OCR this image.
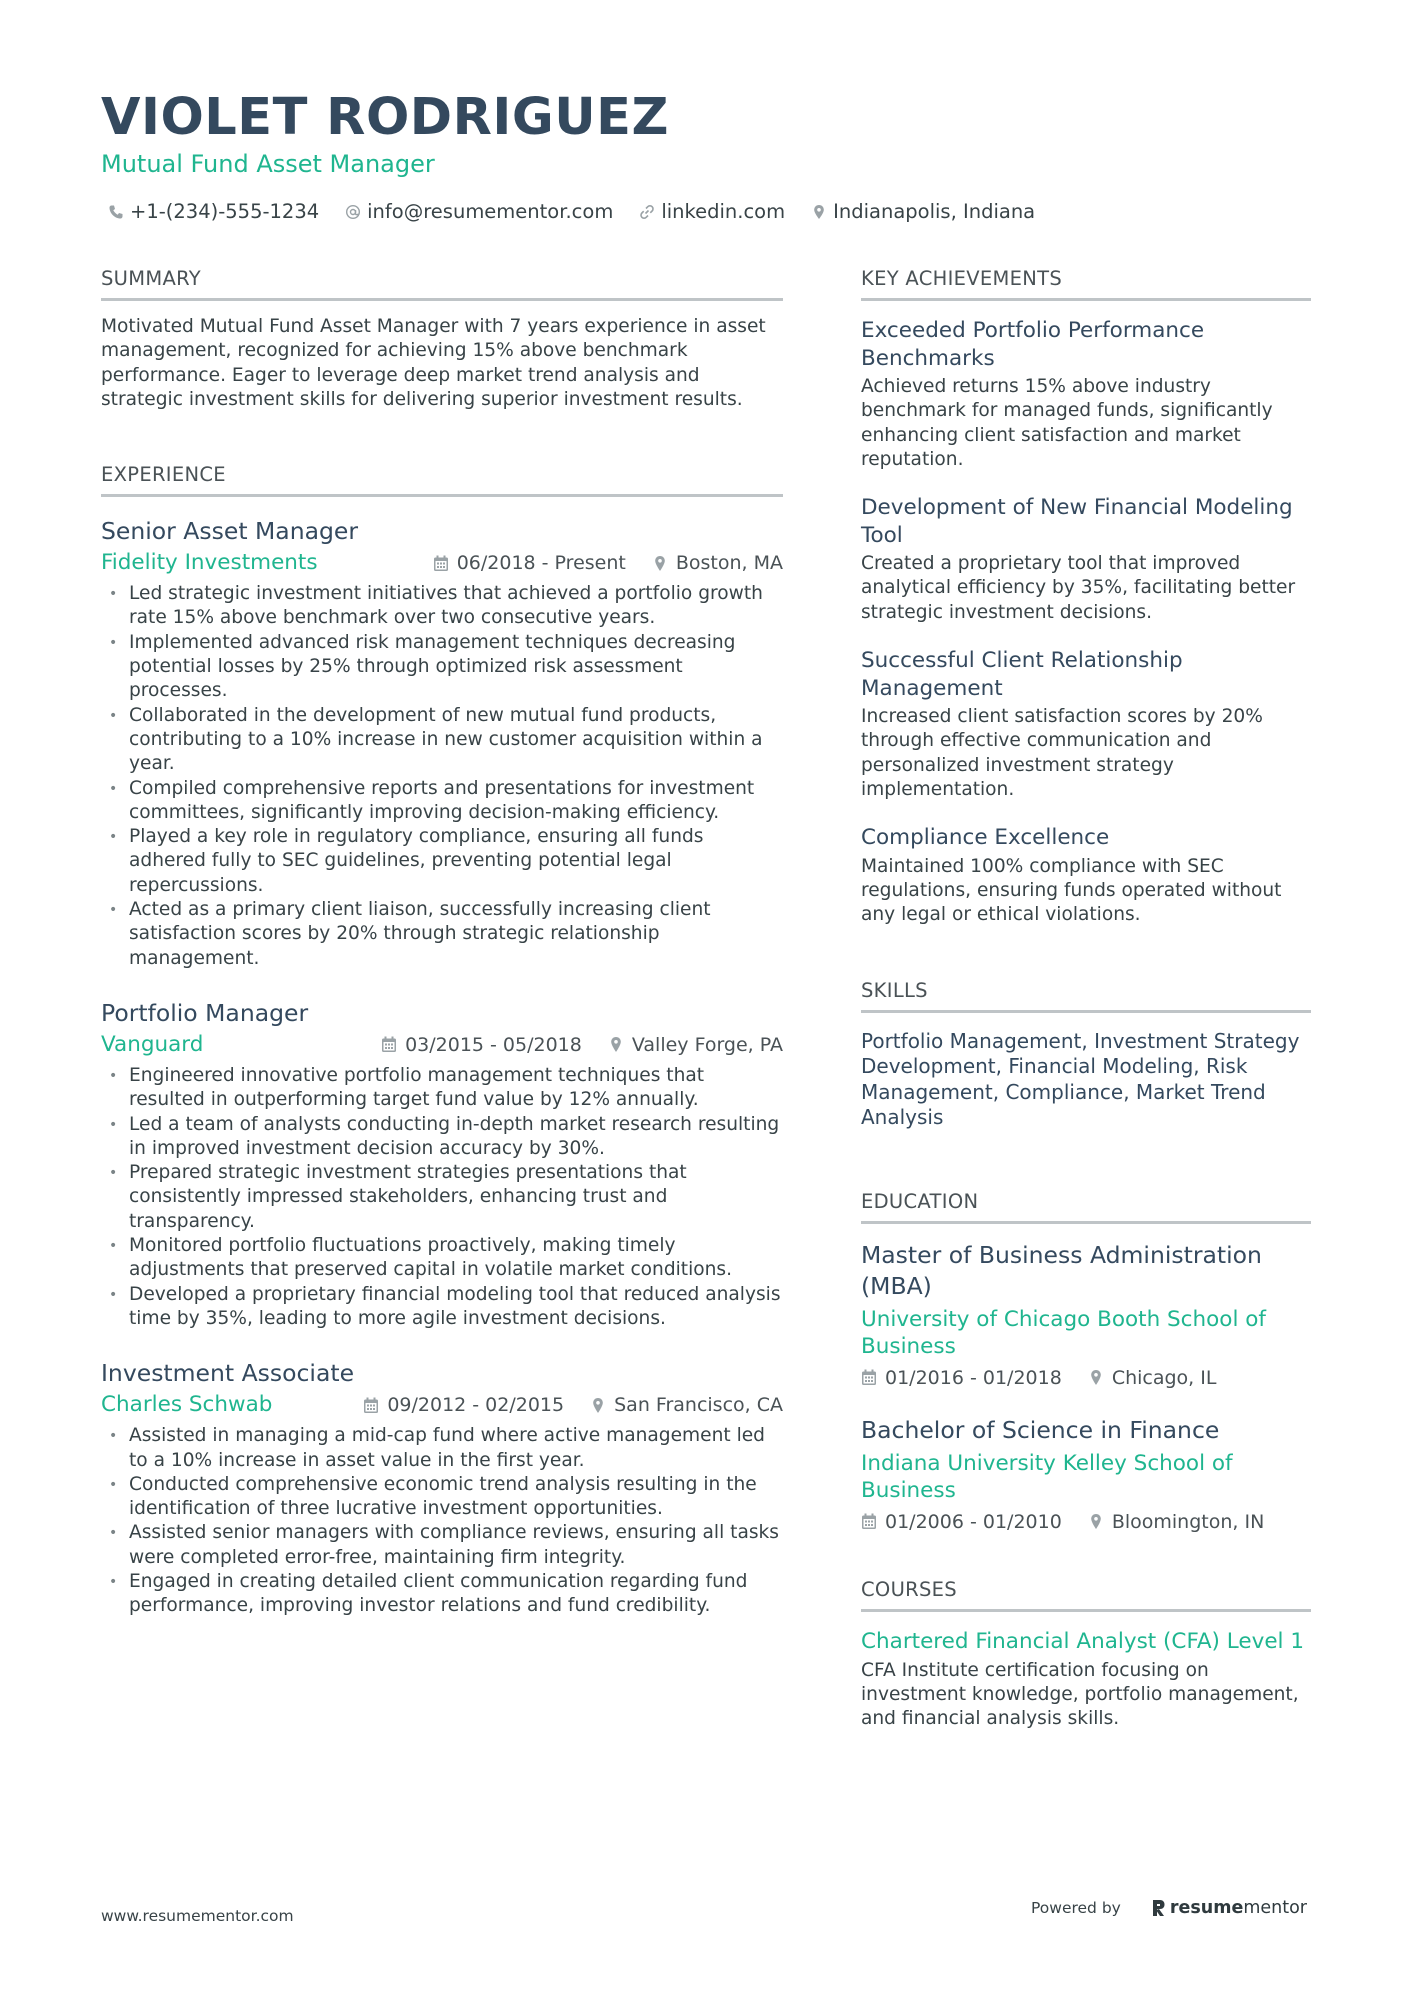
VIOLET RODRIGUEZ
Mutual Fund Asset Manager
+1-(234)-555-1234 info@resumementor.com linkedin.com Indianapolis, Indiana
SUMMARY
Motivated Mutual Fund Asset Manager with 7 years experience in asset management, recognized for achieving 15% above benchmark performance. Eager to leverage deep market trend analysis and strategic investment skills for delivering superior investment results.
EXPERIENCE
Senior Asset Manager
Fidelity Investments	06/2018 - Present	Boston, MA
• Led strategic investment initiatives that achieved a portfolio growth rate 15% above benchmark over two consecutive years.
• Implemented advanced risk management techniques decreasing potential losses by 25% through optimized risk assessment processes.
• Collaborated in the development of new mutual fund products, contributing to a 10% increase in new customer acquisition within a year.
• Compiled comprehensive reports and presentations for investment committees, significantly improving decision-making efficiency.
• Played a key role in regulatory compliance, ensuring all funds adhered fully to SEC guidelines, preventing potential legal repercussions.
• Acted as a primary client liaison, successfully increasing client satisfaction scores by 20% through strategic relationship management.
Portfolio Manager
Vanguard	03/2015 - 05/2018	Valley Forge, PA
• Engineered innovative portfolio management techniques that resulted in outperforming target fund value by 12% annually.
• Led a team of analysts conducting in-depth market research resulting in improved investment decision accuracy by 30%.
• Prepared strategic investment strategies presentations that consistently impressed stakeholders, enhancing trust and transparency.
• Monitored portfolio fluctuations proactively, making timely adjustments that preserved capital in volatile market conditions.
• Developed a proprietary financial modeling tool that reduced analysis time by 35%, leading to more agile investment decisions.
Investment Associate
Charles Schwab	09/2012 - 02/2015	San Francisco, CA
• Assisted in managing a mid-cap fund where active management led to a 10% increase in asset value in the first year.
• Conducted comprehensive economic trend analysis resulting in the identification of three lucrative investment opportunities.
• Assisted senior managers with compliance reviews, ensuring all tasks were completed error-free, maintaining firm integrity.
• Engaged in creating detailed client communication regarding fund performance, improving investor relations and fund credibility.
KEY ACHIEVEMENTS
Exceeded Portfolio Performance Benchmarks
Achieved returns 15% above industry benchmark for managed funds, significantly enhancing client satisfaction and market reputation.
Development of New Financial Modeling Tool
Created a proprietary tool that improved analytical efficiency by 35%, facilitating better strategic investment decisions.
Successful Client Relationship Management
Increased client satisfaction scores by 20% through effective communication and personalized investment strategy implementation.
Compliance Excellence
Maintained 100% compliance with SEC regulations, ensuring funds operated without any legal or ethical violations.
SKILLS
Portfolio Management, Investment Strategy Development, Financial Modeling, Risk Management, Compliance, Market Trend Analysis
EDUCATION
Master of Business Administration (MBA)
University of Chicago Booth School of Business
01/2016 - 01/2018	Chicago, IL
Bachelor of Science in Finance
Indiana University Kelley School of Business
01/2006 - 01/2010	Bloomington, IN
COURSES
Chartered Financial Analyst (CFA) Level 1
CFA Institute certification focusing on investment knowledge, portfolio management, and financial analysis skills.
www.resumementor.com	Powered by	resume mentor
